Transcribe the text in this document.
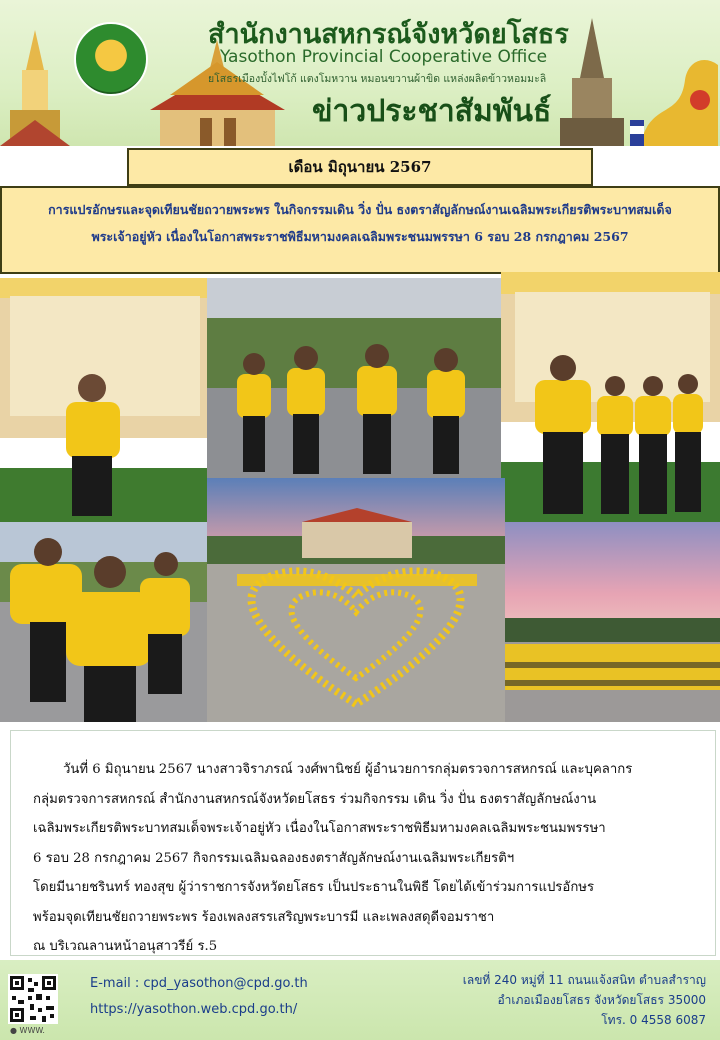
สำนักงานสหกรณ์จังหวัดยโสธร
Yasothon Provincial Cooperative Office
ยโสธรเมืองบั้งไฟโก้ แตงโมหวาน หมอนขวานผ้าขิด แหล่งผลิตข้าวหอมมะลิ
ข่าวประชาสัมพันธ์
เดือน มิถุนายน 2567
การแปรอักษรและจุดเทียนชัยถวายพระพร ในกิจกรรมเดิน วิ่ง ปั่น ธงตราสัญลักษณ์งานเฉลิมพระเกียรติพระบาทสมเด็จ
พระเจ้าอยู่หัว เนื่องในโอกาสพระราชพิธีมหามงคลเฉลิมพระชนมพรรษา 6 รอบ 28 กรกฎาคม 2567
วันที่ 6 มิถุนายน 2567 นางสาวจิราภรณ์ วงศ์พานิชย์ ผู้อำนวยการกลุ่มตรวจการสหกรณ์ และบุคลากร
กลุ่มตรวจการสหกรณ์ สำนักงานสหกรณ์จังหวัดยโสธร ร่วมกิจกรรม เดิน วิ่ง ปั่น ธงตราสัญลักษณ์งาน
เฉลิมพระเกียรติพระบาทสมเด็จพระเจ้าอยู่หัว เนื่องในโอกาสพระราชพิธีมหามงคลเฉลิมพระชนมพรรษา
6 รอบ 28 กรกฎาคม 2567 กิจกรรมเฉลิมฉลองธงตราสัญลักษณ์งานเฉลิมพระเกียรติฯ
โดยมีนายชรินทร์ ทองสุข ผู้ว่าราชการจังหวัดยโสธร เป็นประธานในพิธี โดยได้เข้าร่วมการแปรอักษร
พร้อมจุดเทียนชัยถวายพระพร ร้องเพลงสรรเสริญพระบารมี และเพลงสดุดีจอมราชา
ณ บริเวณลานหน้าอนุสาวรีย์ ร.5
● WWW.
E-mail : cpd_yasothon@cpd.go.th
https://yasothon.web.cpd.go.th/
เลขที่ 240 หมู่ที่ 11 ถนนแจ้งสนิท ตำบลสำราญ
อำเภอเมืองยโสธร จังหวัดยโสธร 35000
โทร. 0 4558 6087
